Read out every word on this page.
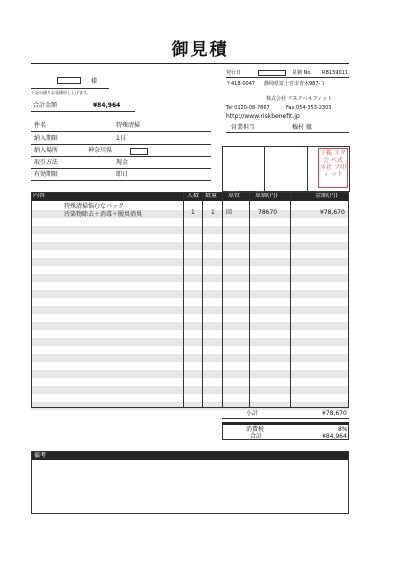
御見積
様
下記の通りお見積申し上げます。
合計金額	¥84,964
発行日	見積 No. RB159011
〒418-0047 静岡県富士宮市青木987-３
株式会社 リスクベネフィット
Tel 0120-08-7867	Fax 054-353-2303
http://www.riskbenefit.jp
営業担当	権村 徹
リ株 スク会 ベ式 ネ社 フ印 ィ ット
件名	特殊清掃
納入期限	1日
納入場所	神奈川県
取引方法	現金
有効期限	即日
内容	人数 数量 単位 単価(円)	金額(円)
特殊清掃悩むなパック
汚染物除去＋消毒＋脱臭消臭	1	1 回	78670	¥78,670
小計	¥78,670
消費税	8%
合計	¥84,964
備考
